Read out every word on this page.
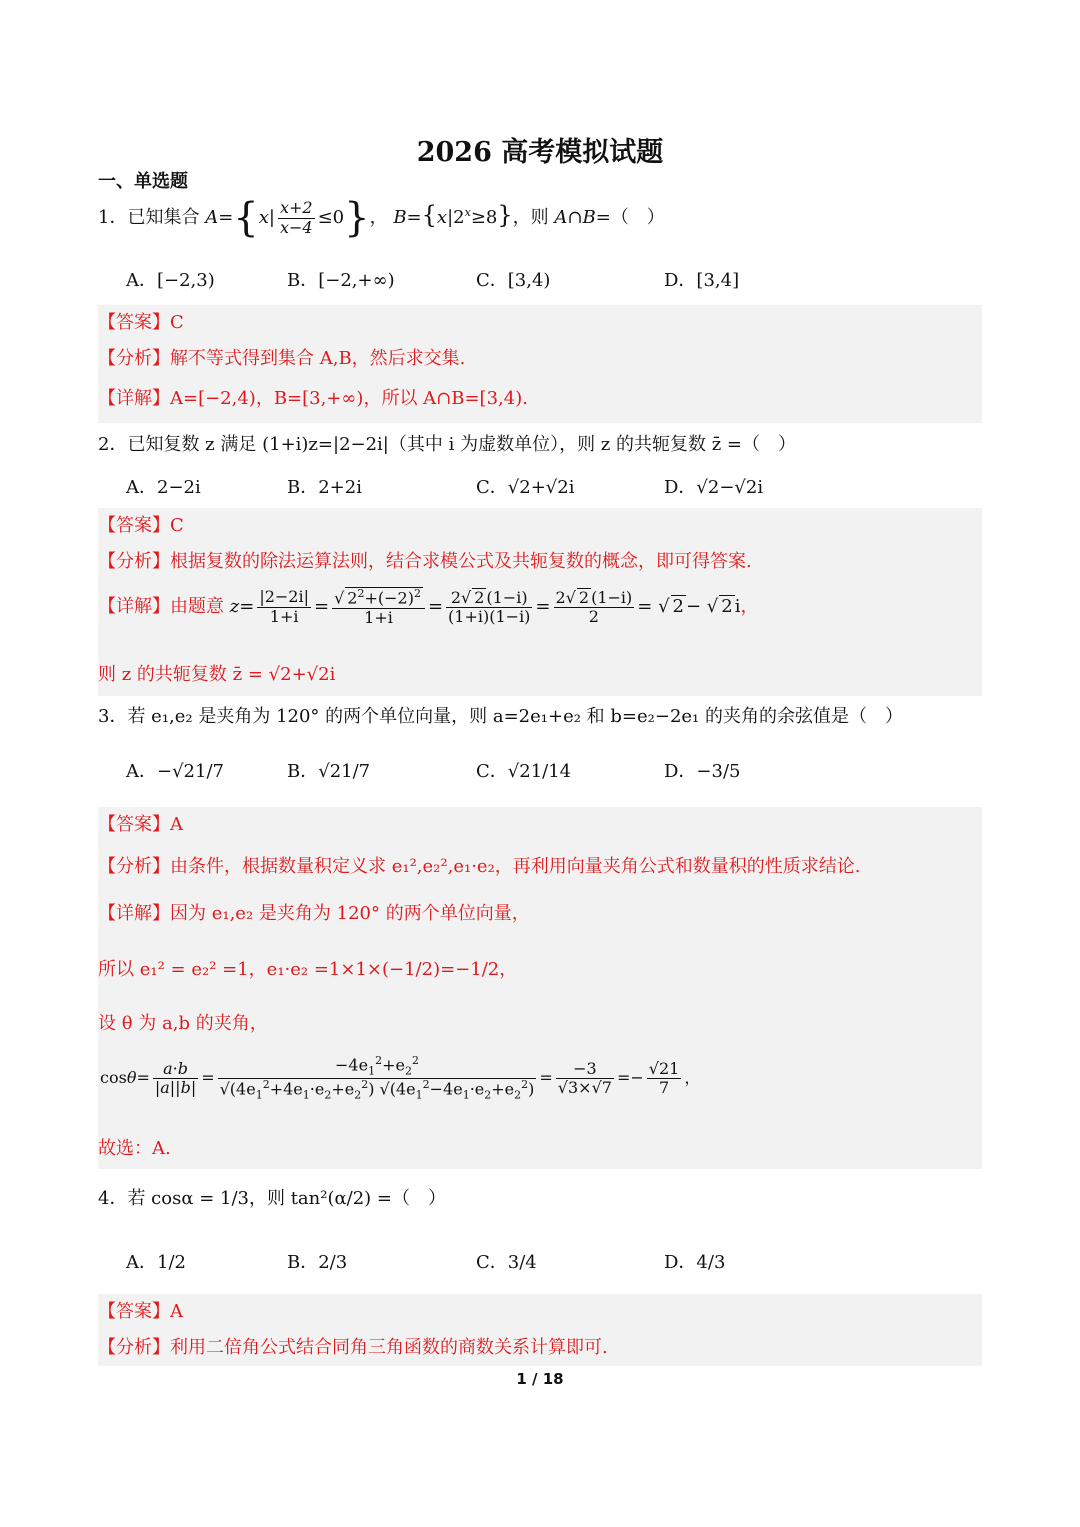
2026 高考模拟试题
一、单选题
1．已知集合 $A=\{x| \frac{x+2}{x-4} \le 0\}$， $B=\{x|2^x\ge 8\}$，则 A∩B=（　）
A．[−2,3)	B．[−2,+∞)	C．[3,4)	D．[3,4]
【答案】C
【分析】解不等式得到集合 A,B，然后求交集.
【详解】A=[−2,4)，B=[3,+∞)，所以 A∩B=[3,4).
2．已知复数 z 满足 (1+i)z=|2−2i|（其中 i 为虚数单位），则 z 的共轭复数 z̄ =（　）
A．2−2i	B．2+2i	C．√2+√2i	D．√2−√2i
【答案】C
【分析】根据复数的除法运算法则，结合求模公式及共轭复数的概念，即可得答案.
【详解】由题意 $z= \frac{|2-2i|}{1+i} = \frac{√ 2^2+(-2)^2}{1+i} = \frac{2√ 2 (1-i)}{(1+i)(1-i)} = \frac{2√ 2 (1-i)}{2}$ = √ 2 − √ 2 i，
则 z 的共轭复数 z̄ = √2+√2i
3．若 e₁,e₂ 是夹角为 120° 的两个单位向量，则 a=2e₁+e₂ 和 b=e₂−2e₁ 的夹角的余弦值是（　）
A．−√21/7	B．√21/7	C．√21/14	D．−3/5
【答案】A
【分析】由条件，根据数量积定义求 e₁²,e₂²,e₁·e₂，再利用向量夹角公式和数量积的性质求结论.
【详解】因为 e₁,e₂ 是夹角为 120° 的两个单位向量，
所以 e₁² = e₂² =1，e₁·e₂ =1×1×(−1/2)=−1/2，
设 θ 为 a,b 的夹角，
$\cos\theta= \frac{a\cdot b}{|a||b|} = \frac{-4e_1^2+e_2^2}{√(4e_1^2+4e_1\cdot e_2+e_2^2) √(4e_1^2-4e_1\cdot e_2+e_2^2)} = \frac{-3}{√3\times√7} =- \frac{√21}{7}$ ，
故选：A.
4．若 cosα = 1/3，则 tan²(α/2) =（　）
A．1/2	B．2/3	C．3/4	D．4/3
【答案】A
【分析】利用二倍角公式结合同角三角函数的商数关系计算即可.
1 / 18
